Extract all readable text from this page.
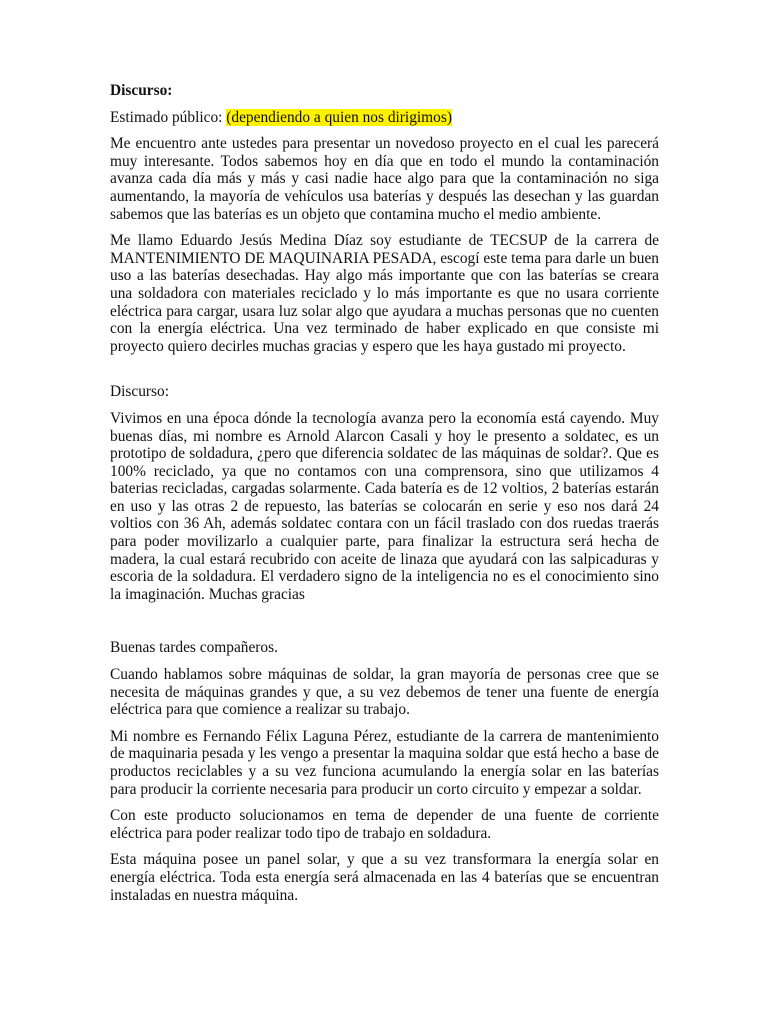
Discurso:

Estimado público: (dependiendo a quien nos dirigimos)

Me encuentro ante ustedes para presentar un novedoso proyecto en el cual les parecerá muy interesante. Todos sabemos hoy en día que en todo el mundo la contaminación avanza cada día más y más y casi nadie hace algo para que la contaminación no siga aumentando, la mayoría de vehículos usa baterías y después las desechan y las guardan sabemos que las baterías es un objeto que contamina mucho el medio ambiente.

Me llamo Eduardo Jesús Medina Díaz soy estudiante de TECSUP de la carrera de MANTENIMIENTO DE MAQUINARIA PESADA, escogí este tema para darle un buen uso a las baterías desechadas. Hay algo más importante que con las baterías se creara una soldadora con materiales reciclado y lo más importante es que no usara corriente eléctrica para cargar, usara luz solar algo que ayudara a muchas personas que no cuenten con la energía eléctrica. Una vez terminado de haber explicado en que consiste mi proyecto quiero decirles muchas gracias y espero que les haya gustado mi proyecto.

Discurso:

Vivimos en una época dónde la tecnología avanza pero la economía está cayendo. Muy buenas días, mi nombre es Arnold Alarcon Casali y hoy le presento a soldatec, es un prototipo de soldadura, ¿pero que diferencia soldatec de las máquinas de soldar?. Que es 100% reciclado, ya que no contamos con una comprensora, sino que utilizamos 4 baterias recicladas, cargadas solarmente. Cada batería es de 12 voltios, 2 baterías estarán en uso y las otras 2 de repuesto, las baterías se colocarán en serie y eso nos dará 24 voltios con 36 Ah, además soldatec contara con un fácil traslado con dos ruedas traerás para poder movilizarlo a cualquier parte, para finalizar la estructura será hecha de madera, la cual estará recubrido con aceite de linaza que ayudará con las salpicaduras y escoria de la soldadura. El verdadero signo de la inteligencia no es el conocimiento sino la imaginación. Muchas gracias

Buenas tardes compañeros.

Cuando hablamos sobre máquinas de soldar, la gran mayoría de personas cree que se necesita de máquinas grandes y que, a su vez debemos de tener una fuente de energía eléctrica para que comience a realizar su trabajo.

Mi nombre es Fernando Félix Laguna Pérez, estudiante de la carrera de mantenimiento de maquinaria pesada y les vengo a presentar la maquina soldar que está hecho a base de productos reciclables y a su vez funciona acumulando la energía solar en las baterías para producir la corriente necesaria para producir un corto circuito y empezar a soldar.

Con este producto solucionamos en tema de depender de una fuente de corriente eléctrica para poder realizar todo tipo de trabajo en soldadura.

Esta máquina posee un panel solar, y que a su vez transformara la energía solar en energía eléctrica. Toda esta energía será almacenada en las 4 baterías que se encuentran instaladas en nuestra máquina.
